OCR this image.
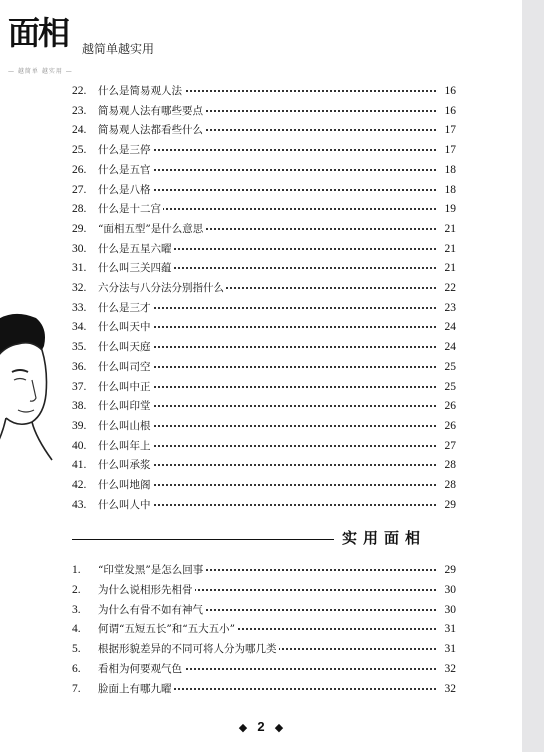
面相 越简单越实用
— 越简单 越实用 —
22.	什么是简易观人法	16
23.	简易观人法有哪些要点	16
24.	简易观人法都看些什么	17
25.	什么是三停	17
26.	什么是五官	18
27.	什么是八格	18
28.	什么是十二宫	19
29.	“面相五型”是什么意思	21
30.	什么是五星六曜	21
31.	什么叫三关四蕴	21
32.	六分法与八分法分别指什么	22
33.	什么是三才	23
34.	什么叫天中	24
35.	什么叫天庭	24
36.	什么叫司空	25
37.	什么叫中正	25
38.	什么叫印堂	26
39.	什么叫山根	26
40.	什么叫年上	27
41.	什么叫承浆	28
42.	什么叫地阁	28
43.	什么叫人中	29
实用面相
1.	“印堂发黑”是怎么回事	29
2.	为什么说相形先相骨	30
3.	为什么有骨不如有神气	30
4.	何谓“五短五长”和“五大五小”	31
5.	根据形貌差异的不同可将人分为哪几类	31
6.	看相为何要观气色	32
7.	脸面上有哪九曜	32
◆ 2 ◆
